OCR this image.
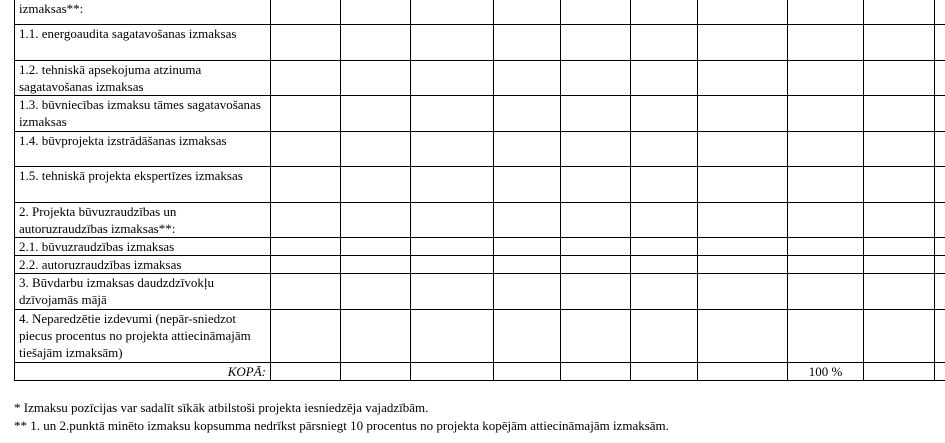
izmaksas**:										
1.1. energoaudita sagatavošanas izmaksas										
1.2. tehniskā apsekojuma atzinuma sagatavošanas izmaksas										
1.3. būvniecības izmaksu tāmes sagatavošanas izmaksas										
1.4. būvprojekta izstrādāšanas izmaksas										
1.5. tehniskā projekta ekspertīzes izmaksas										
2. Projekta būvuzraudzības un autoruzraudzības izmaksas**:										
2.1. būvuzraudzības izmaksas										
2.2. autoruzraudzības izmaksas										
3. Būvdarbu izmaksas daudzdzīvokļu dzīvojamās mājā										
4. Neparedzētie izdevumi (nepār-sniedzot piecus procentus no projekta attiecināmajām tiešajām izmaksām)										
KOPĀ:								100 %		
* Izmaksu pozīcijas var sadalīt sīkāk atbilstoši projekta iesniedzēja vajadzībām.
** 1. un 2.punktā minēto izmaksu kopsumma nedrīkst pārsniegt 10 procentus no projekta kopējām attiecināmajām izmaksām.
